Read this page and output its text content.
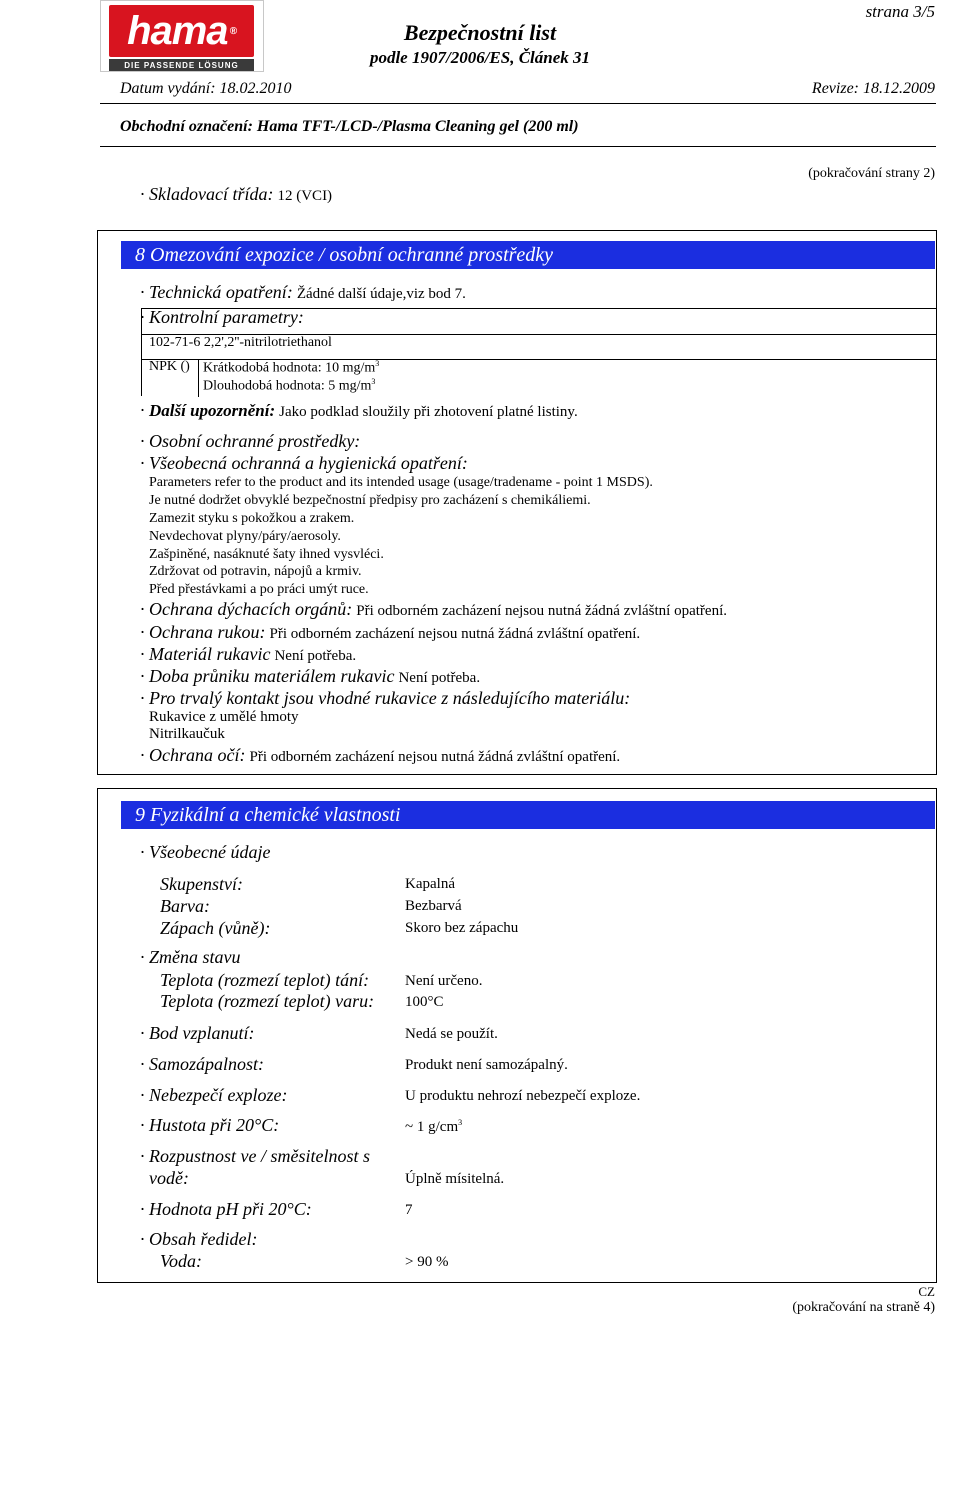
hama ®
DIE PASSENDE LÖSUNG
Bezpečnostní list
podle 1907/2006/ES, Článek 31
strana 3/5
Datum vydání: 18.02.2010	Revize: 18.12.2009
Obchodní označení: Hama TFT-/LCD-/Plasma Cleaning gel (200 ml)
(pokračování strany 2)
· Skladovací třída: 12 (VCI)
8 Omezování expozice / osobní ochranné prostředky
· Technická opatření: Žádné další údaje,viz bod 7.
· Kontrolní parametry:
102-71-6 2,2',2''-nitrilotriethanol
NPK () Krátkodobá hodnota: 10 $mg/m^3$
Dlouhodobá hodnota: 5 $mg/m^3$
· Další upozornění: Jako podklad sloužily při zhotovení platné listiny.
· Osobní ochranné prostředky:
· Všeobecná ochranná a hygienická opatření:
Parameters refer to the product and its intended usage (usage/tradename - point 1 MSDS).
Je nutné dodržet obvyklé bezpečnostní předpisy pro zacházení s chemikáliemi.
Zamezit styku s pokožkou a zrakem.
Nevdechovat plyny/páry/aerosoly.
Zašpiněné, nasáknuté šaty ihned vysvléci.
Zdržovat od potravin, nápojů a krmiv.
Před přestávkami a po práci umýt ruce.
· Ochrana dýchacích orgánů: Při odborném zacházení nejsou nutná žádná zvláštní opatření.
· Ochrana rukou: Při odborném zacházení nejsou nutná žádná zvláštní opatření.
· Materiál rukavic Není potřeba.
· Doba průniku materiálem rukavic Není potřeba.
· Pro trvalý kontakt jsou vhodné rukavice z následujícího materiálu:
Rukavice z umělé hmoty
Nitrilkaučuk
· Ochrana očí: Při odborném zacházení nejsou nutná žádná zvláštní opatření.
9 Fyzikální a chemické vlastnosti
· Všeobecné údaje
Skupenství:	Kapalná
Barva:	Bezbarvá
Zápach (vůně):	Skoro bez zápachu
· Změna stavu
Teplota (rozmezí teplot) tání: Není určeno.
Teplota (rozmezí teplot) varu: 100°C
· Bod vzplanutí:	Nedá se použít.
· Samozápalnost:	Produkt není samozápalný.
· Nebezpečí exploze:	U produktu nehrozí nebezpečí exploze.
· Hustota při 20°C:	~ 1 $g/cm^3$
· Rozpustnost ve / směsitelnost s
vodě:	Úplně mísitelná.
· Hodnota pH při 20°C:	7
· Obsah ředidel:
Voda:	> 90 %
CZ
(pokračování na straně 4)
